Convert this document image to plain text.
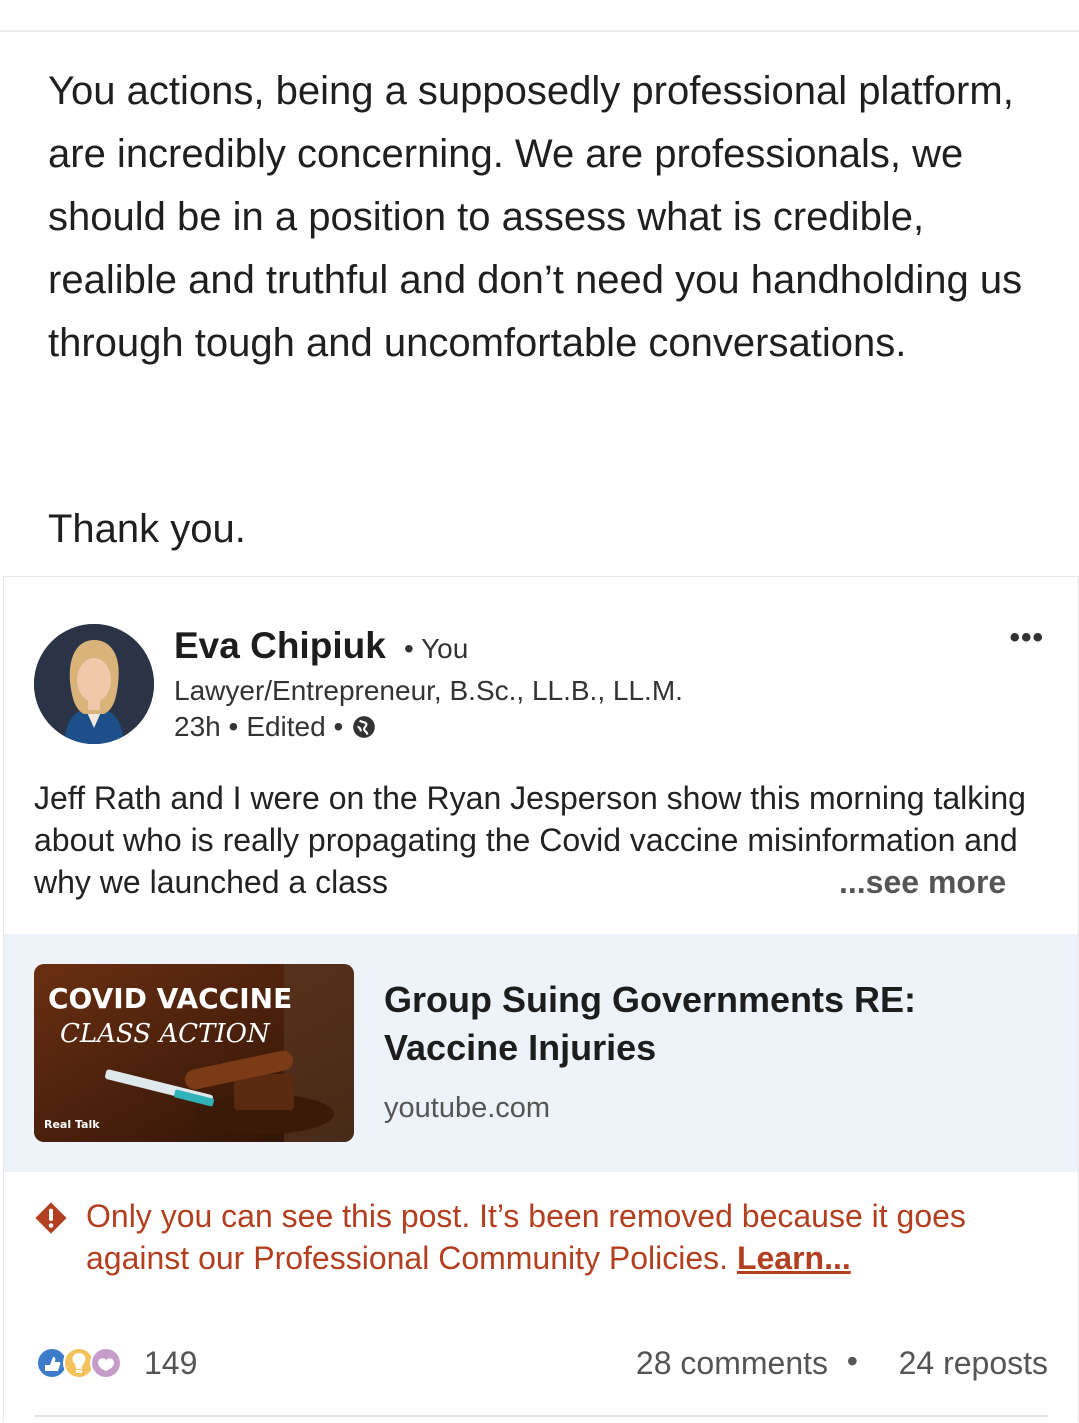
You actions, being a supposedly professional platform, are incredibly concerning. We are professionals, we should be in a position to assess what is credible, realible and truthful and don’t need you handholding us through tough and uncomfortable conversations.

Thank you.
Eva Chipiuk • You
Lawyer/Entrepreneur, B.Sc., LL.B., LL.M.
23h • Edited •
•••
Jeff Rath and I were on the Ryan Jesperson show this morning talking about who is really propagating the Covid vaccine misinformation and why we launched a class	...see more
COVID VACCINE
CLASS ACTION
Real Talk
Group Suing Governments RE: Vaccine Injuries
youtube.com
Only you can see this post. It’s been removed because it goes against our Professional Community Policies. Learn...
149	28 comments • 24 reposts
